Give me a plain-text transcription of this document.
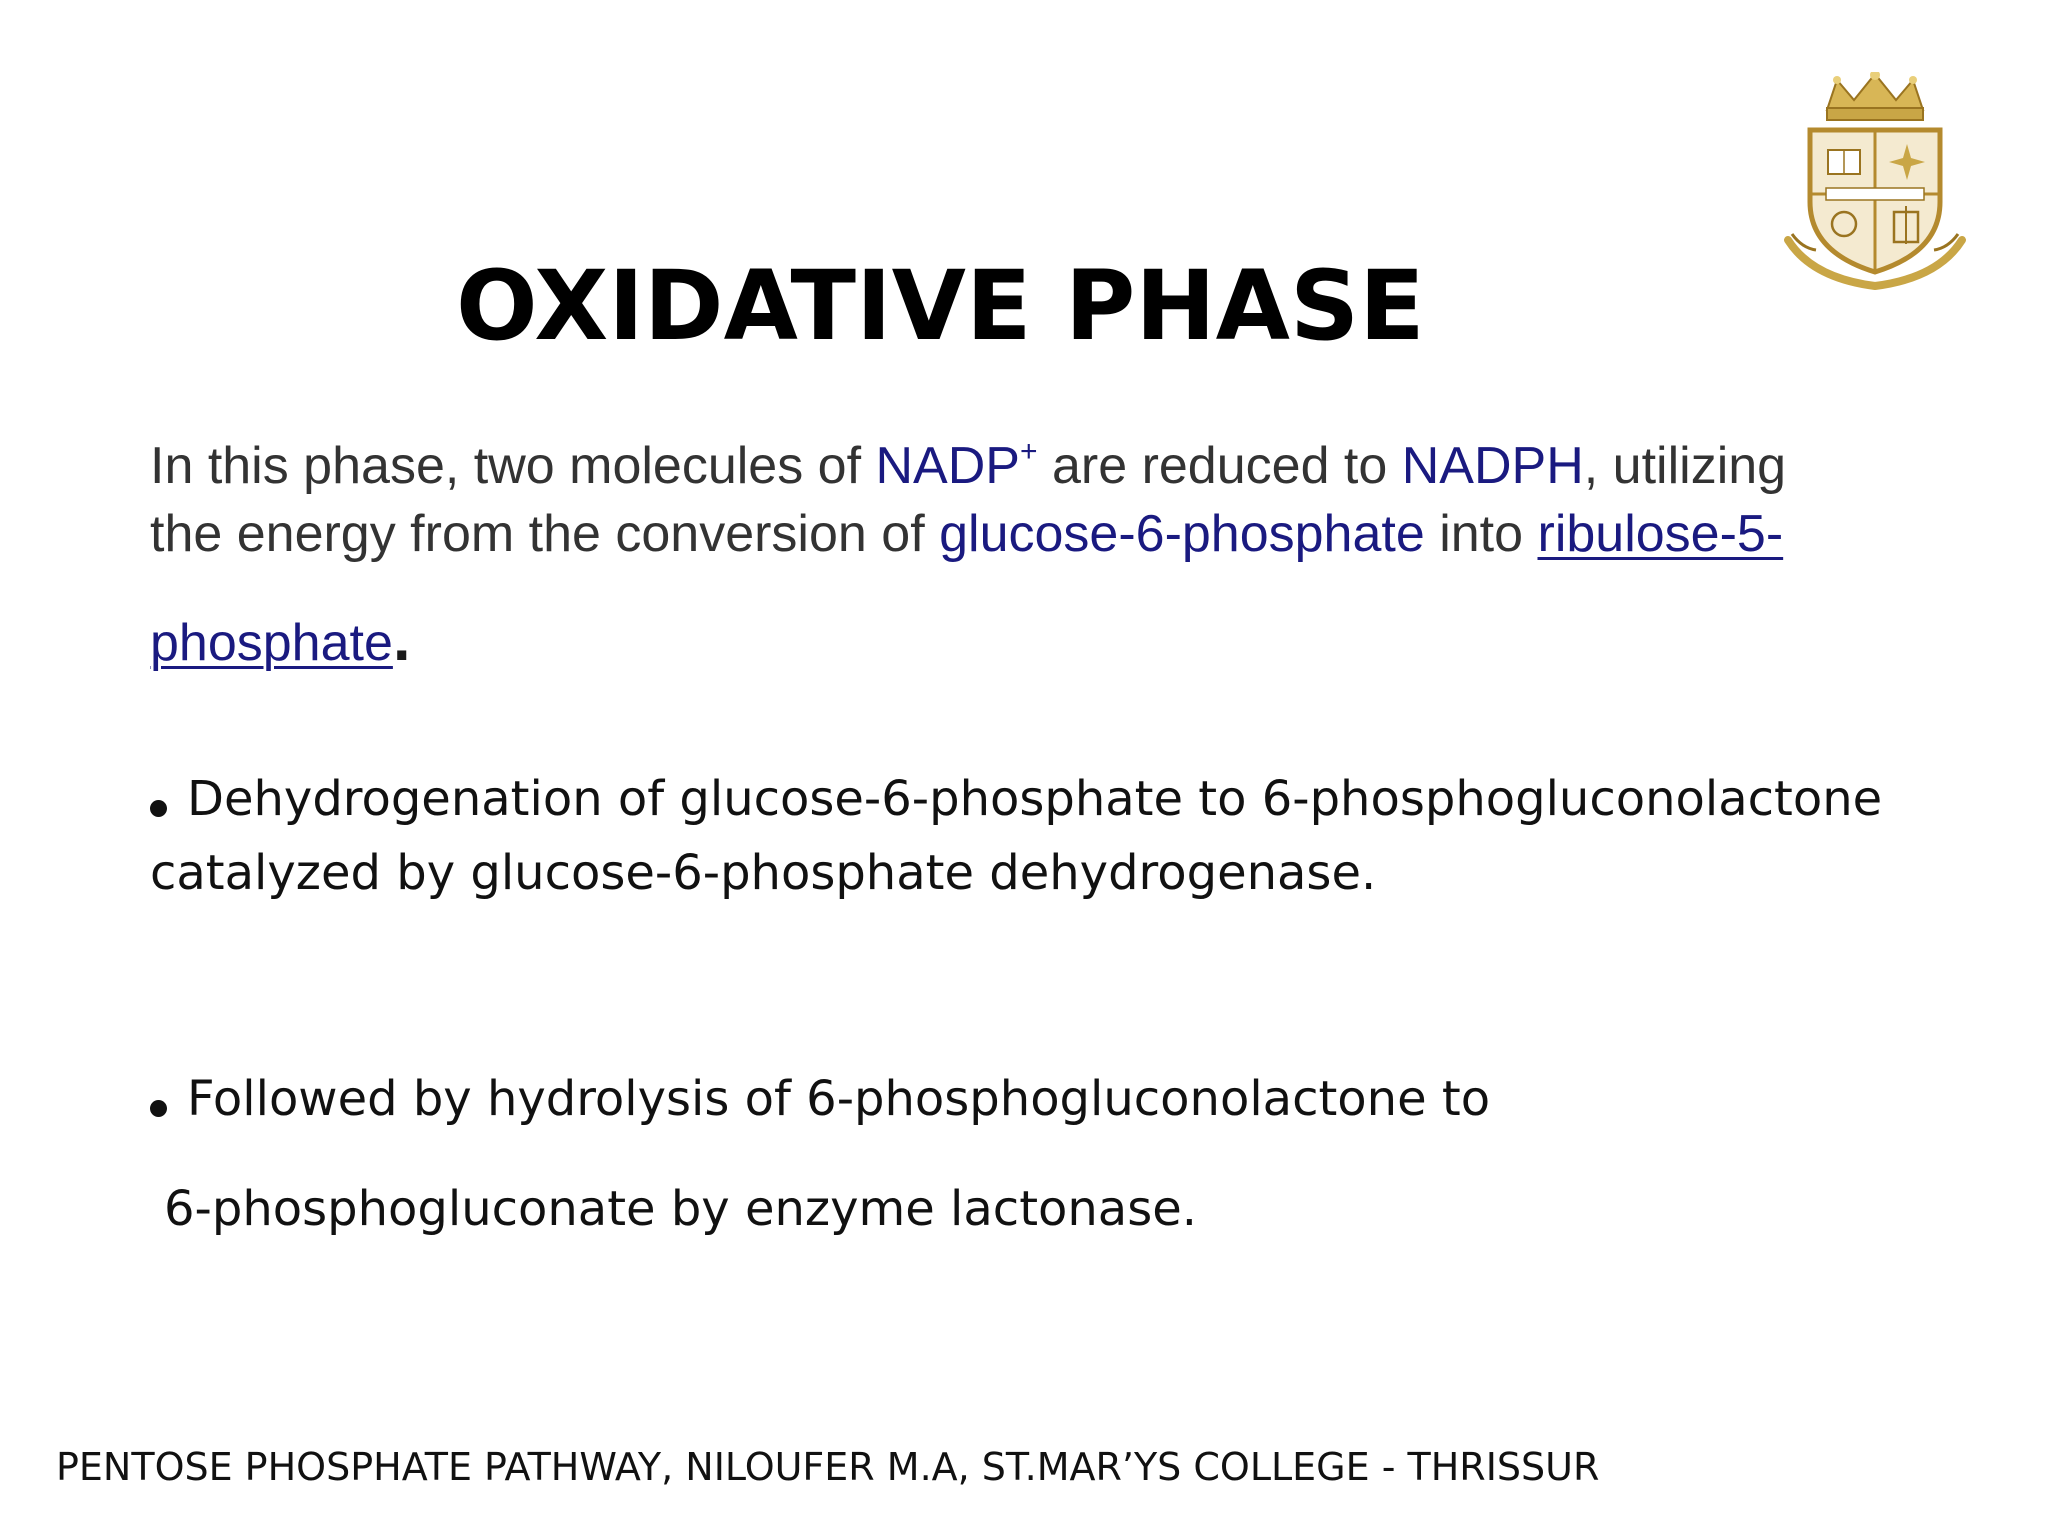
OXIDATIVE PHASE
In this phase, two molecules of NADP+ are reduced to NADPH, utilizing
the energy from the conversion of glucose-6-phosphate into ribulose-5-
phosphate.
Dehydrogenation of glucose-6-phosphate to 6-phosphogluconolactone
catalyzed by glucose-6-phosphate dehydrogenase.
Followed by hydrolysis of 6-phosphogluconolactone to
6-phosphogluconate by enzyme lactonase.
PENTOSE PHOSPHATE PATHWAY, NILOUFER M.A, ST.MAR’YS COLLEGE - THRISSUR
